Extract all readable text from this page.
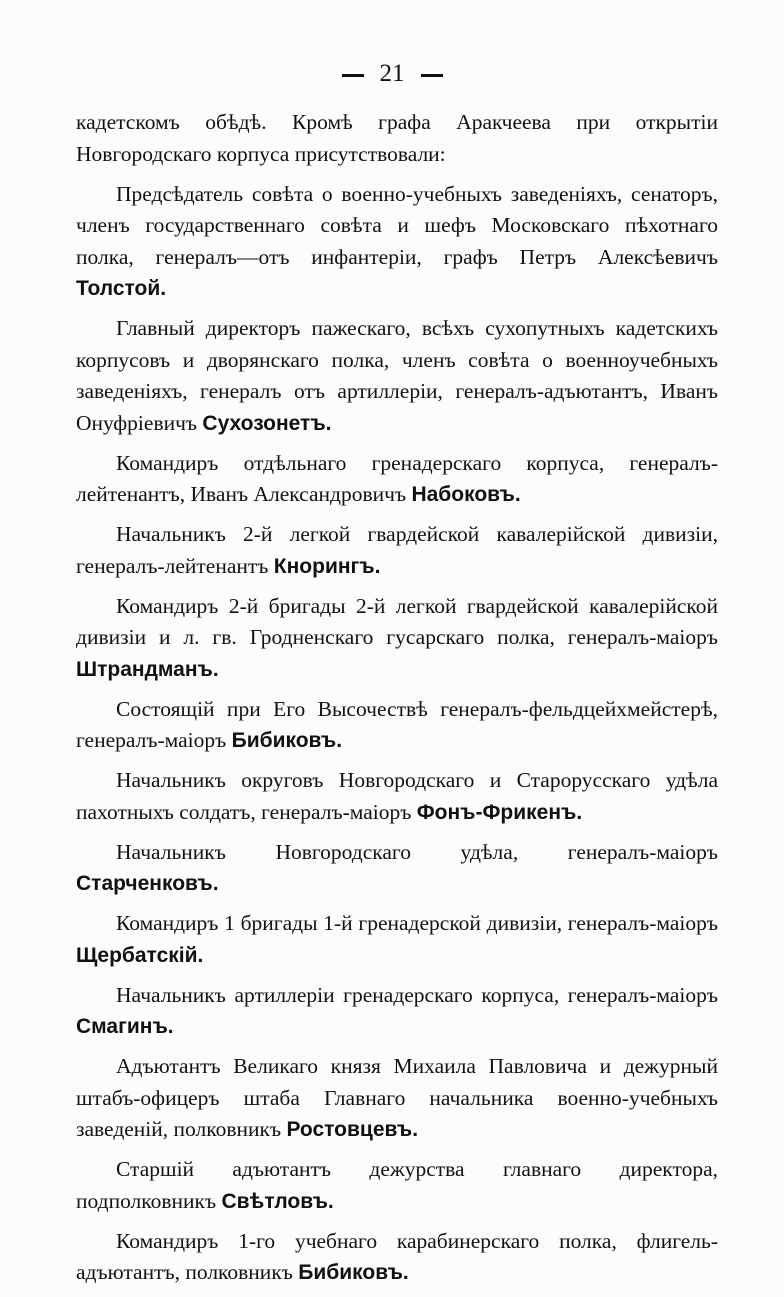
21

кадетскомъ обѣдѣ. Кромѣ графа Аракчеева при открытіи Новгородскаго корпуса присутствовали:

Предсѣдатель совѣта о военно-учебныхъ заведеніяхъ, сенаторъ, членъ государственнаго совѣта и шефъ Московскаго пѣхотнаго полка, генералъ—отъ инфантеріи, графъ Петръ Алексѣевичъ Толстой.

Главный директоръ пажескаго, всѣхъ сухопутныхъ кадетскихъ корпусовъ и дворянскаго полка, членъ совѣта о военноучебныхъ заведеніяхъ, генералъ отъ артиллеріи, генералъ-адъютантъ, Иванъ Онуфріевичъ Сухозонетъ.

Командиръ отдѣльнаго гренадерскаго корпуса, генералъ-лейтенантъ, Иванъ Александровичъ Набоковъ.

Начальникъ 2-й легкой гвардейской кавалерійской дивизіи, генералъ-лейтенантъ Кнорингъ.

Командиръ 2-й бригады 2-й легкой гвардейской кавалерійской дивизіи и л. гв. Гродненскаго гусарскаго полка, генералъ-маіоръ Штрандманъ.

Состоящій при Его Высочествѣ генералъ-фельдцейхмейстерѣ, генералъ-маіоръ Бибиковъ.

Начальникъ округовъ Новгородскаго и Старорусскаго удѣла пахотныхъ солдатъ, генералъ-маіоръ Фонъ-Фрикенъ.

Начальникъ Новгородскаго удѣла, генералъ-маіоръ Старченковъ.

Командиръ 1 бригады 1-й гренадерской дивизіи, генералъ-маіоръ Щербатскій.

Начальникъ артиллеріи гренадерскаго корпуса, генералъ-маіоръ Смагинъ.

Адъютантъ Великаго князя Михаила Павловича и дежурный штабъ-офицеръ штаба Главнаго начальника военно-учебныхъ заведеній, полковникъ Ростовцевъ.

Старшій адъютантъ дежурства главнаго директора, подполковникъ Свѣтловъ.

Командиръ 1-го учебнаго карабинерскаго полка, флигель-адъютантъ, полковникъ Бибиковъ.
